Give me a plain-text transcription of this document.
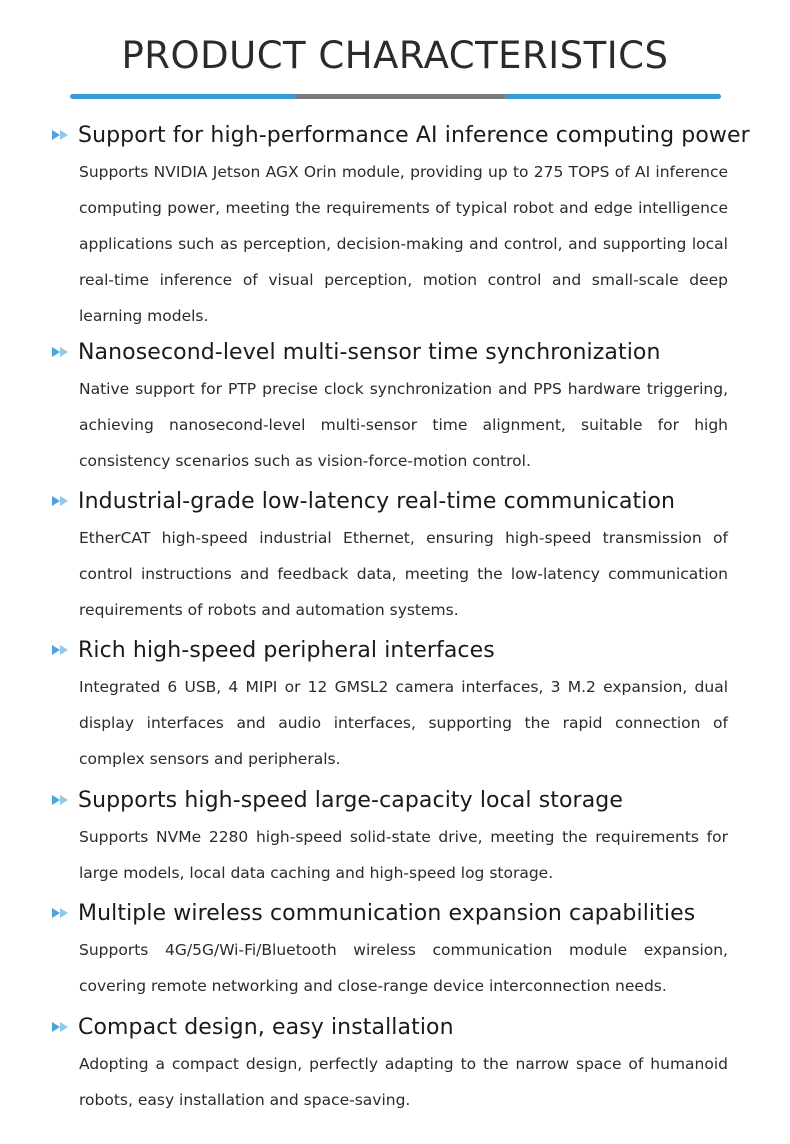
PRODUCT CHARACTERISTICS
Support for high-performance AI inference computing power
Supports NVIDIA Jetson AGX Orin module, providing up to 275 TOPS of AI inference computing power, meeting the requirements of typical robot and edge intelligence applications such as perception, decision-making and control, and supporting local real-time inference of visual perception, motion control and small-scale deep learning models.
Nanosecond-level multi-sensor time synchronization
Native support for PTP precise clock synchronization and PPS hardware triggering, achieving nanosecond-level multi-sensor time alignment, suitable for high consistency scenarios such as vision-force-motion control.
Industrial-grade low-latency real-time communication
EtherCAT high-speed industrial Ethernet, ensuring high-speed transmission of control instructions and feedback data, meeting the low-latency communication requirements of robots and automation systems.
Rich high-speed peripheral interfaces
Integrated 6 USB, 4 MIPI or 12 GMSL2 camera interfaces, 3 M.2 expansion, dual display interfaces and audio interfaces, supporting the rapid connection of complex sensors and peripherals.
Supports high-speed large-capacity local storage
Supports NVMe 2280 high-speed solid-state drive, meeting the requirements for large models, local data caching and high-speed log storage.
Multiple wireless communication expansion capabilities
Supports 4G/5G/Wi-Fi/Bluetooth wireless communication module expansion, covering remote networking and close-range device interconnection needs.
Compact design, easy installation
Adopting a compact design, perfectly adapting to the narrow space of humanoid robots, easy installation and space-saving.
